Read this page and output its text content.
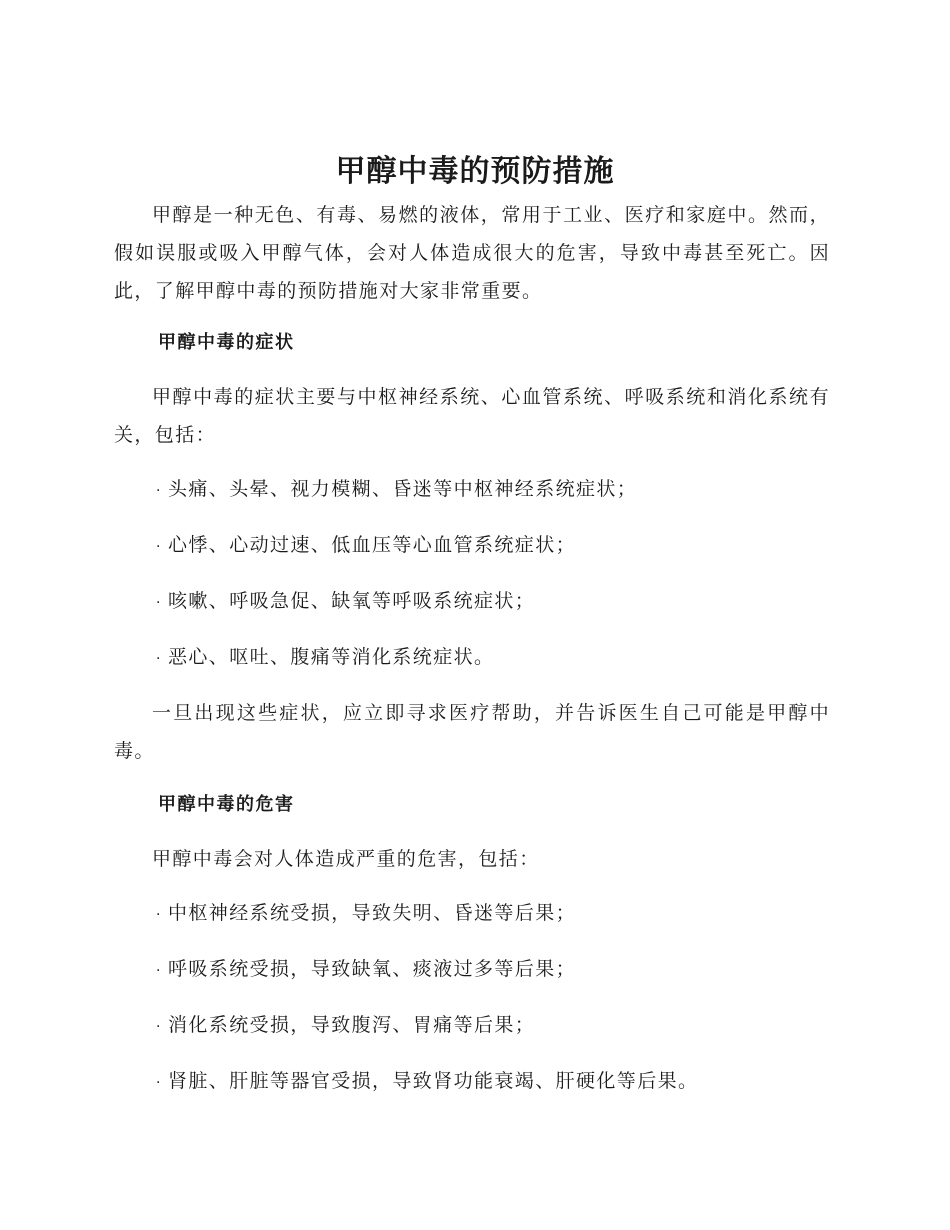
甲醇中毒的预防措施

甲醇是一种无色、有毒、易燃的液体，常用于工业、医疗和家庭中。然而，假如误服或吸入甲醇气体，会对人体造成很大的危害，导致中毒甚至死亡。因此，了解甲醇中毒的预防措施对大家非常重要。

甲醇中毒的症状

甲醇中毒的症状主要与中枢神经系统、心血管系统、呼吸系统和消化系统有关，包括：

· 头痛、头晕、视力模糊、昏迷等中枢神经系统症状；

· 心悸、心动过速、低血压等心血管系统症状；

· 咳嗽、呼吸急促、缺氧等呼吸系统症状；

· 恶心、呕吐、腹痛等消化系统症状。

一旦出现这些症状，应立即寻求医疗帮助，并告诉医生自己可能是甲醇中毒。

甲醇中毒的危害

甲醇中毒会对人体造成严重的危害，包括：

· 中枢神经系统受损，导致失明、昏迷等后果；

· 呼吸系统受损，导致缺氧、痰液过多等后果；

· 消化系统受损，导致腹泻、胃痛等后果；

· 肾脏、肝脏等器官受损，导致肾功能衰竭、肝硬化等后果。
